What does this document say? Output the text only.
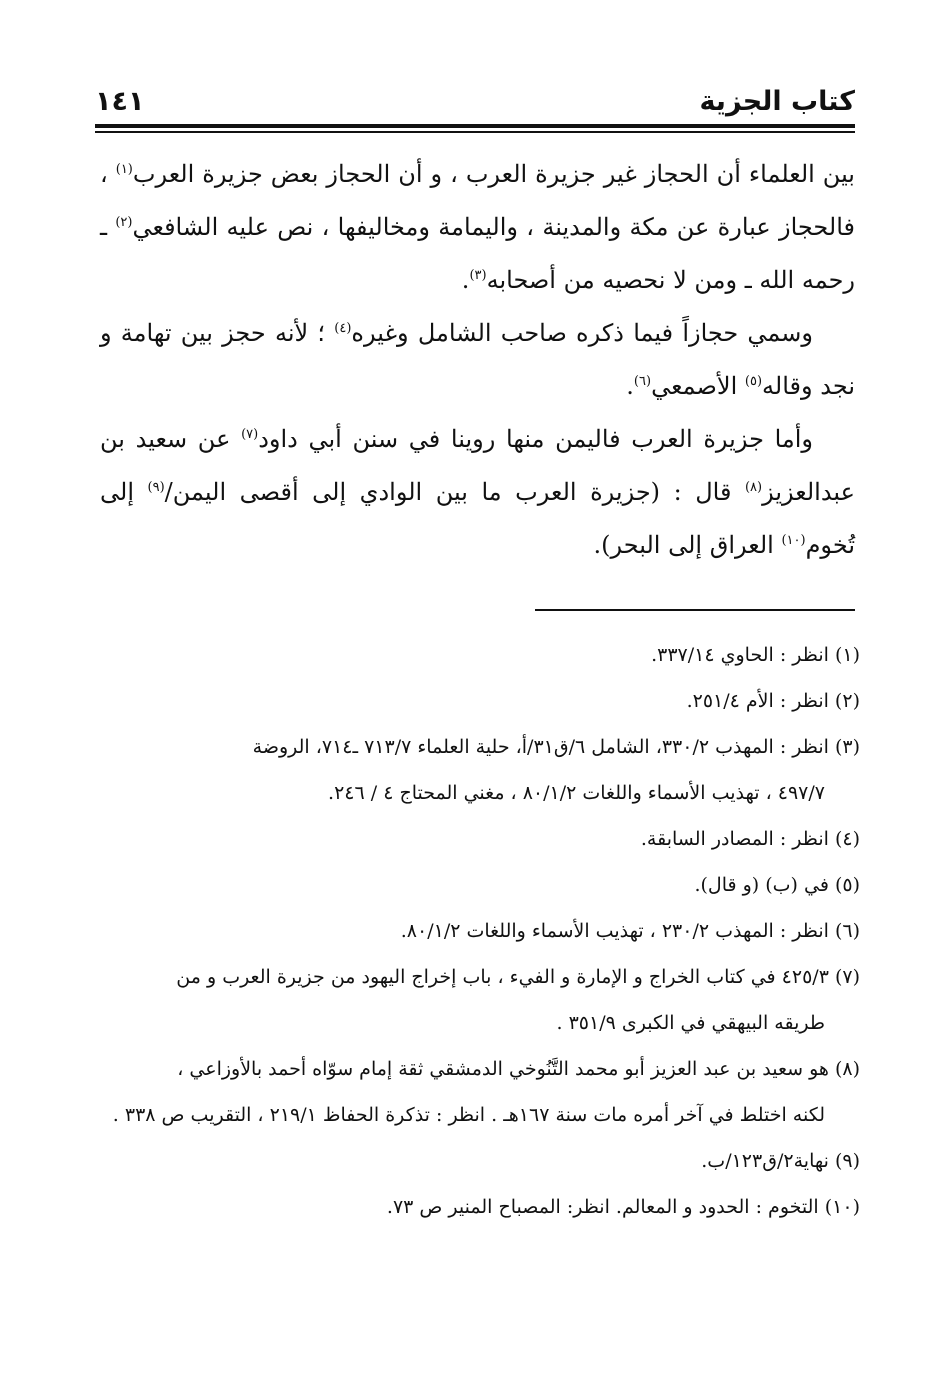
كتاب الجزية
١٤١

بين العلماء أن الحجاز غير جزيرة العرب ، و أن الحجاز بعض جزيرة العرب$^{(١)}$ ، فالحجاز عبارة عن مكة والمدينة ، واليمامة ومخاليفها ، نص عليه الشافعي$^{(٢)}$ ـ رحمه الله ـ ومن لا نحصيه من أصحابه$^{(٣)}$.

وسمي حجازاً فيما ذكره صاحب الشامل وغيره$^{(٤)}$ ؛ لأنه حجز بين تهامة و نجد وقاله$^{(٥)}$ الأصمعي$^{(٦)}$.

وأما جزيرة العرب فاليمن منها روينا في سنن أبي داود$^{(٧)}$ عن سعيد بن عبدالعزيز$^{(٨)}$ قال : (جزيرة العرب ما بين الوادي إلى أقصى اليمن/$^{(٩)}$ إلى تُخوم$^{(١٠)}$ العراق إلى البحر).

(١) انظر : الحاوي ٣٣٧/١٤.

(٢) انظر : الأم ٢٥١/٤.

(٣) انظر : المهذب ٣٣٠/٢، الشامل ٦/ق٣١/أ، حلية العلماء ٧١٣/٧ ـ٧١٤، الروضة
٤٩٧/٧ ، تهذيب الأسماء واللغات ٨٠/١/٢ ، مغني المحتاج ٤ / ٢٤٦.

(٤) انظر : المصادر السابقة.

(٥) في (ب) (و قال).

(٦) انظر : المهذب ٢٣٠/٢ ، تهذيب الأسماء واللغات ٨٠/١/٢.

(٧) ٤٢٥/٣ في كتاب الخراج و الإمارة و الفيء ، باب إخراج اليهود من جزيرة العرب و من
طريقه البيهقي في الكبرى ٣٥١/٩ .

(٨) هو سعيد بن عبد العزيز أبو محمد التَّنُوخي الدمشقي ثقة إمام سوّاه أحمد بالأوزاعي ،
لكنه اختلط في آخر أمره مات سنة ١٦٧هـ . انظر : تذكرة الحفاظ ٢١٩/١ ، التقريب ص ٣٣٨ .

(٩) نهاية٢/ق١٢٣/ب.

(١٠) التخوم : الحدود و المعالم. انظر: المصباح المنير ص ٧٣.
